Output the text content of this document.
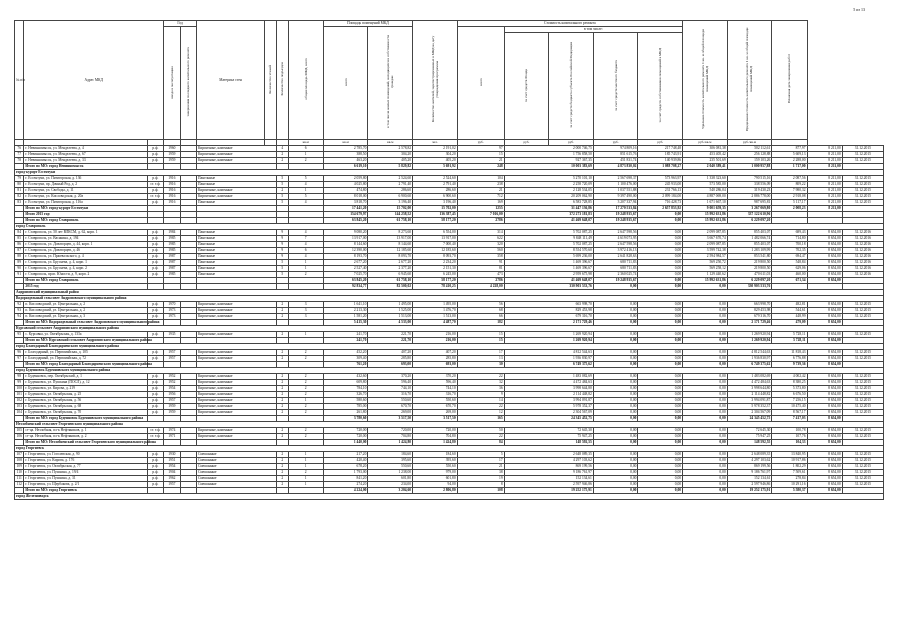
5 из 13
№ п/п	Адрес МКД		Год		Материал стен	Количество этажей	Количество подъездов	общая площадь МКД, всего	Площадь помещений МКД		Количество жителей, зарегистрированных в МКД на дату утверждения программы	Стоимость капитального ремонта					Удельная стоимость капитального ремонта 1 кв. м общей площади помещений МКД	Предельная стоимость капитального ремонта 1 кв. м общей площади помещений МКД	Плановая дата завершения работ		
			ввода в эксплуатацию	завершения последнего капитального ремонта					всего	в том числе жилых помещений, находящихся в собственности граждан		всего	в том числе:								
													за счет средств Фонда	за счет средств бюджета субъекта Российской Федерации	за счет средств местного бюджета	за счет средств собственников помещений в МКД					
								кв.м	кв.м	кв.м	чел.	руб.	руб.	руб.	руб.	руб.	руб./кв.м	руб./кв.м			
76	г. Невинномысск, ул. Менделеева, д. 4	р.ф.	1960		Кирпичные, каменные		4	6	2 785,70	2 578,82	2 191,02	97	2 000 746,75		974 809,16	217 748,48	306 081,38	502 112,61	877,97	8 211,00	31.12.2015
77	г. Невинномысск, ул. Менделеева, д. 67	р.ф.	1959		Кирпичные, каменные		2	1	388,50	304,20	304,20	15	1 756 858,50		851 615,76	185 743,91	453 405,42	256 128,88	5 609,13	8 211,00	31.12.2015
78	г. Невинномысск, ул. Менделеева, д. 33	р.ф.	1959		Кирпичные, каменные		2	2	463,20	405,20	405,20	21	927 367,35		451 831,74	140 939,86	235 501,69	159 103,26	2 288,00	8 211,00	31.12.2015
	Итого по МО: город Невинномысск								6 619,10	5 829,82	5 691,92	248	10 003 383,69		4 873 830,02	1 088 708,27	2 040 389,41	1 000 957,88	1 717,00	8 211,00	
город-курорт Ессентуки																					
79	г. Ессентуки, ул. Пятигорская, д. 136	р.ф.	1916		Панельные		5	5	2 059,80	2 524,60	2 524,60	104	5 270 101,10		2 567 698,37	573 963,97	1 338 323,60	790 515,16	2 087,56	8 211,00	31.12.2015
80	г. Ессентуки, пр. Дачный Род, д. 2	ст. т.ф.	1916		Панельные		5	4	4 025,80	2 791,40	2 791,40	238	2 258 720,09		1 100 476,00	245 933,00	573 585,00	338 556,09	809,22	8 211,00	31.12.2015
81	г. Ессентуки, ул. Свободы, д. 11	р.ф.	1916		Кирпичные, каменные		2	1	474,80	286,60	286,60	21	2 128 534,05		1 037 551,88	231 766,13	540 286,04	319 430,23	7 980,32	8 211,00	31.12.2015
82	г. Ессентуки, ул. Кисловодская, д. 20а	ст. т.ф.	1916		Кирпичные, каменные		5	5	8 018,00	6 900,60	6 900,60	712	20 209 062,90		9 397 490,00	2 099 184,00	4 887 069,00	2 886 778,00	2 918,08	8 211,00	31.12.2015
83	г. Ессентуки, ул. Пятигорская, д. 116а	р.ф.	1916		Панельные		5	4	3 818,70	3 196,40	3 196,40	169	6 583 728,85		3 207 337,94	716 428,73	1 671 667,10	987 695,81	5 117,17	8 211,00	31.12.2015
	Итого по МО: город-курорт Ессентуки								17 441,20	15 702,00	15 702,00	1255	31 447 136,86		17 270 533,84	2 657 853,92	9 001 659,35	3 267 069,80	2 008,23	8 211,00	
	Итого 2015 год:								154 679,97	144 258,52	136 387,45	7 016,00	372 273 181,83		19 248 935,67	0,00	15 992 631,86	337 122 610,96			
	Итого по МО: город Ставрополь								63 845,20	61 758,10	58 177,20	2786	41 469 648,07		19 248 935,67	0,00	15 992 631,86	6 229 097,20			
город Ставрополь																					
84	г. Ставрополь, ул. 50 лет ВЛКСМ, д. 62, корп. 1	р.ф.	1984		Панельные		9	4	9 080,20	8 273,60	6 554,00	314	5 702 087,25		2 647 598,56	0,00	2 099 087,85	855 403,07	689,43	8 654,00	31.12.2016
85	г. Ставрополь, ул. Васякина, д. 194	р.ф.	1985		Панельные		9	7	13 917,00	13 917,00	13 917,00	622	9 848 111,49		4 619 073,95	0,00	3 667 670,74	1 482 066,74	714,80	8 654,00	31.12.2016
86	г. Ставрополь, ул. Доваторцев, д. 44, корп. 1	р.ф.	1985		Панельные		9	4	8 144,60	8 144,60	7 000,40	320	5 702 087,25		2 647 598,56	0,00	2 099 087,85	855 403,07	700,18	8 654,00	31.12.2016
87	г. Ставрополь, ул. Доваторцев, д. 46	р.ф.	1985		Панельные		9	6	12 390,00	12 185,60	12 185,60	560	8 554 570,60		3 972 416,13	0,00	3 599 742,38	1 283 109,99	702,35	8 654,00	31.12.2016
88	г. Ставрополь, ул. Пржевальского, д. 4	р.ф.	1987		Панельные		9	4	8 193,70	8 093,70	8 093,70	358	5 699 236,00		2 641 828,63	0,00	2 594 984,57	853 541,80	694,47	8 654,00	31.12.2016
89	г. Ставрополь, ул. Бруснева, д. 4, корп. 1	р.ф.	1987		Панельные		5	1	2 677,20	2 677,20	2 234,20	91	1 469 396,67		680 711,83	0,00	569 250,72	219 800,50	548,84	8 654,00	31.12.2016
90	г. Ставрополь, ул. Бруснева, д. 4, корп. 2	р.ф.	1987		Панельные		5	1	2 527,40	2 377,20	2 151,30	81	1 469 396,67		680 711,83	0,00	569 258,12	219 800,50	629,06	8 654,00	31.12.2016
91	г. Ставрополь, прсп. Юности, д. 9, корп. 2	р.ф.	1985		Панельные		5	2	7 025,70	6 945,60	6 245,00	473	2 959 675,98		2 360 025,74	0,00	1 129 440,62	470 611,03	460,00	8 654,00	31.12.2016
	Итого по МО: город Ставрополь								63 845,20	61 758,10	58 177,20	2786	41 469 648,07		19 248 935,67	0,00	15 992 631,86	6 229 097,20	671,34	8 654,00	
	2015 год								92 834,77	82 500,02	78 410,25	4 228,00	330 903 533,76		0,00	0,00	0,00	330 903 533,76			
Андроповский муниципальный район																					
Водораздельный сельсовет Андроповского муниципального района																					
92	п. Кисловодский, ул. Центральная, д. 2	р.ф.	1970		Кирпичные, каменные		2	3	1 641,10	1 495,00	1 495,00	56	663 998,70		0,00	0,00	0,00	663 998,70	482,81	8 654,00	31.12.2015
93	п. Кисловодский, ул. Центральная, д. 2	р.ф.	1973		Кирпичные, каменные		2	3	2 213,30	1 525,00	1 476,70	68	829 453,98		0,00	0,00	0,00	829 453,98	544,61	8 654,00	31.12.2015
94	п. Кисловодский, ул. Центральная, д. 3	р.ф.	1973		Кирпичные, каменные		2	3	1 581,20	1 513,00	1 513,00	66	679 316,70		0,00	0,00	0,00	679 316,70	448,99	8 654,00	31.12.2015
	Итого по МО: Водораздельный сельсовет Андроповского муниципального района								5 415,30	4 533,00	4 487,70	182	2 171 729,46		0,00	0,00	0,00	2 171 729,46	479,09	8 654,00	
Курсавский сельсовет Андроповского муниципального района																					
95	с. Курсавка, ул. Октябрьская, д. 133а	р.ф.	1935		Кирпичные, каменные		2	1	241,70	221,70	216,00	15	1 269 920,94		0,00	0,00	0,00	1 269 920,94	5 728,11	8 654,00	31.12.2015
	Итого по МО: Курсавский сельсовет Андроповского муниципального района								241,70	221,70	216,00	15	1 269 920,94		0,00	0,00	0,00	1 269 920,94	5 728,11	8 654,00	
город Благодарный Благодарненского муниципального района																					
96	г. Благодарный, ул. Первомайская, д. 105	р.ф.	1957		Кирпичные, каменные		2	2	452,20	407,20	407,20	17	4 812 544,63		0,00	0,00	0,00	4 812 544,63	11 818,43	8 654,00	31.12.2015
97	г. Благодарный, ул. Первомайская, д. 72	р.ф.	1957		Кирпичные, каменные		2	2	309,40	285,80	285,80	13	1 936 830,97		0,00	0,00	0,00	1 936 830,97	6 776,88	8 654,00	31.12.2015
	Итого по МО: город Благодарный Благодарненского муниципального района								761,20	693,00	693,00	30	6 749 375,62		0,00	0,00	0,00	6 749 375,62	9 739,36	8 654,00	
город Буденновск Буденновского муниципального района																					
98	г. Буденновск, пер. Октябрьский, д. 1	р.ф.	1952		Кирпичные, каменные		2	2	432,60	370,20	370,20	22	1 483 082,69		0,00	0,00	0,00	1 483 082,69	4 002,42	8 654,00	31.12.2015
99	г. Буденновск, ул. Пушкина (ПОСЛ), д. 12	р.ф.	1952		Кирпичные, каменные		2	2	609,80	596,40	596,40	32	4 472 484,63		0,00	0,00	0,00	4 472 484,63	8 380,25	8 654,00	31.12.2015
100	г. Буденновск, ул. Кирова, д. 219	р.ф.	1954		Кирпичные, каменные		2	2	784,10	744,10	744,10	36	3 998 644,80		0,00	0,00	0,00	3 998 644,80	5 373,80	8 654,00	31.12.2015
101	г. Буденновск, ул. Октябрьская, д. 25	р.ф.	1956		Кирпичные, каменные		2	2	326,70	316,70	316,70	9	2 114 448,82		0,00	0,00	0,00	2 114 448,82	6 676,50	8 654,00	31.12.2015
102	г. Буденновск, ул. Октябрьская, д. 56	р.ф.	1957		Кирпичные, каменные		2	1	580,60	550,60	550,60	14	3 994 091,87		0,00	0,00	0,00	3 994 091,87	7 256,15	8 654,00	31.12.2015
103	г. Буденновск, ул. Октябрьская, д. 68	р.ф.	1959		Кирпичные, каменные		2	2	785,00	670,70	670,70	22	5 978 352,37		0,00	0,00	0,00	5 978 352,37	10 475,40	8 654,00	31.12.2015
104	г. Буденновск, ул. Октябрьская, д. 70	р.ф.	1959		Кирпичные, каменные		2	2	261,80	269,00	269,00	12	2 304 567,09		0,00	0,00	0,00	2 304 567,09	8 567,17	8 654,00	31.12.2015
	Итого по МО: город Буденновск Буденновского муниципального района								3 780,60	3 517,50	3 517,50	165	24 345 452,75		0,00	0,00	0,00	24 345 452,75	7 417,03	8 654,00	
Незлобненский сельсовет Георгиевского муниципального района																					
105	ст-ца. Незлобная, пл-к Нефтяников, д. 1	ст. т.ф.	1974		Кирпичные, каменные		2	2	720,00	720,00	720,00	50	72 645,30		0,00	0,00	0,00	72 645,30	100,78	8 654,00	31.12.2015
106	ст-ца. Незлобная, пл-к Нефтяников, д. 2	ст. т.ф.	1971		Кирпичные, каменные		2	2	720,00	704,80	704,80	22	75 947,25		0,00	0,00	0,00	75 947,25	107,76	8 654,00	31.12.2015
	Итого по МО: Незлобненский сельсовет Георгиевского муниципального района								1 440,00	1 424,80	1 424,80	84	148 592,55		0,00	0,00	0,00	148 592,55	104,33	8 654,00	
город Георгиевск																					
107	г. Георгиевск, ул. Гоголевская, д. 90	р.ф.	1930		Смешанные		2	1	217,20	184,60	184,60	5	2 648 089,35		0,00	0,00	0,00	2 648 089,35	13 840,95	8 654,00	31.12.2015
108	г. Георгиевск, ул. Кирова, д. 176	р.ф.	1951		Смешанные		2	1	420,40	395,60	395,60	17	4 297 103,62		0,00	0,00	0,00	4 297 103,62	10 917,86	8 654,00	31.12.2015
109	г. Георгиевск, ул. Октябрьская, д. 77	р.ф.	1954		Смешанные		2	1	678,20	550,60	550,60	21	869 199,56		0,00	0,00	0,00	869 199,56	1 802,29	8 654,00	31.12.2015
110	г. Георгиевск, ул. Пушкина, д. 19/4	р.ф.	1904		Смешанные		2	2	1 793,00	1 238,00	979,00	38	9 186 761,97		0,00	0,00	0,00	9 186 761,97	7 509,61	8 654,00	31.12.2015
111	г. Георгиевск, ул. Пушкина, д. 31	р.ф.	1962		Смешанные		2	1	841,20	601,80	601,80	19	152 134,61		0,00	0,00	0,00	152 134,61	278,84	8 654,00	31.12.2015
112	г. Георгиевск, ул. Щербакова, д. 2/1	р.ф.	1957		Смешанные		2	1	274,20	234,00	94,00	8	2 597 946,86		0,00	0,00	0,00	2 597 946,86	10 291,16	8 654,00	31.12.2015
	Итого по МО: город Георгиевск								4 224,00	3 204,60	2 806,80	108	19 252 175,91		0,00	0,00	0,00	19 252 175,91	5 580,37	8 654,00	
город Железноводск																					
